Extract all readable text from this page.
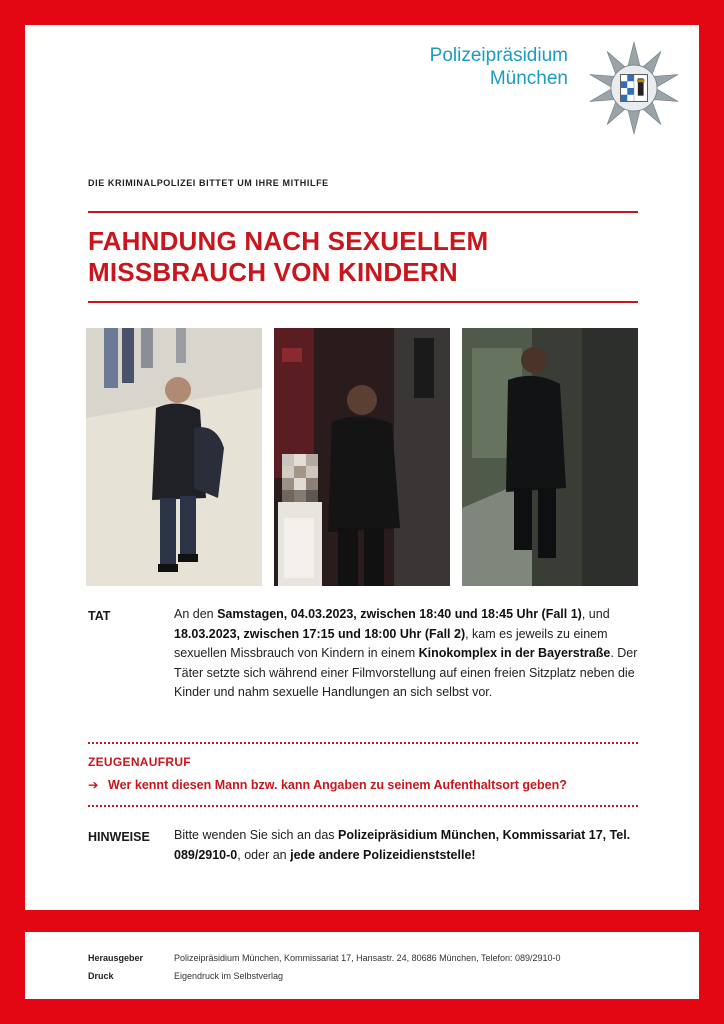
Polizeipräsidium
München
DIE KRIMINALPOLIZEI BITTET UM IHRE MITHILFE
FAHNDUNG NACH SEXUELLEM
MISSBRAUCH VON KINDERN
TAT	An den Samstagen, 04.03.2023, zwischen 18:40 und 18:45 Uhr (Fall 1), und 18.03.2023, zwischen 17:15 und 18:00 Uhr (Fall 2), kam es jeweils zu einem sexuellen Missbrauch von Kindern in einem Kinokomplex in der Bayerstraße. Der Täter setzte sich während einer Filmvorstellung auf einen freien Sitzplatz neben die Kinder und nahm sexuelle Handlungen an sich selbst vor.
ZEUGENAUFRUF
➔ Wer kennt diesen Mann bzw. kann Angaben zu seinem Aufenthaltsort geben?
HINWEISE Bitte wenden Sie sich an das Polizeipräsidium München, Kommissariat 17, Tel. 089/2910-0, oder an jede andere Polizeidienststelle!
Herausgeber	Polizeipräsidium München, Kommissariat 17, Hansastr. 24, 80686 München, Telefon: 089/2910-0
Druck	Eigendruck im Selbstverlag
